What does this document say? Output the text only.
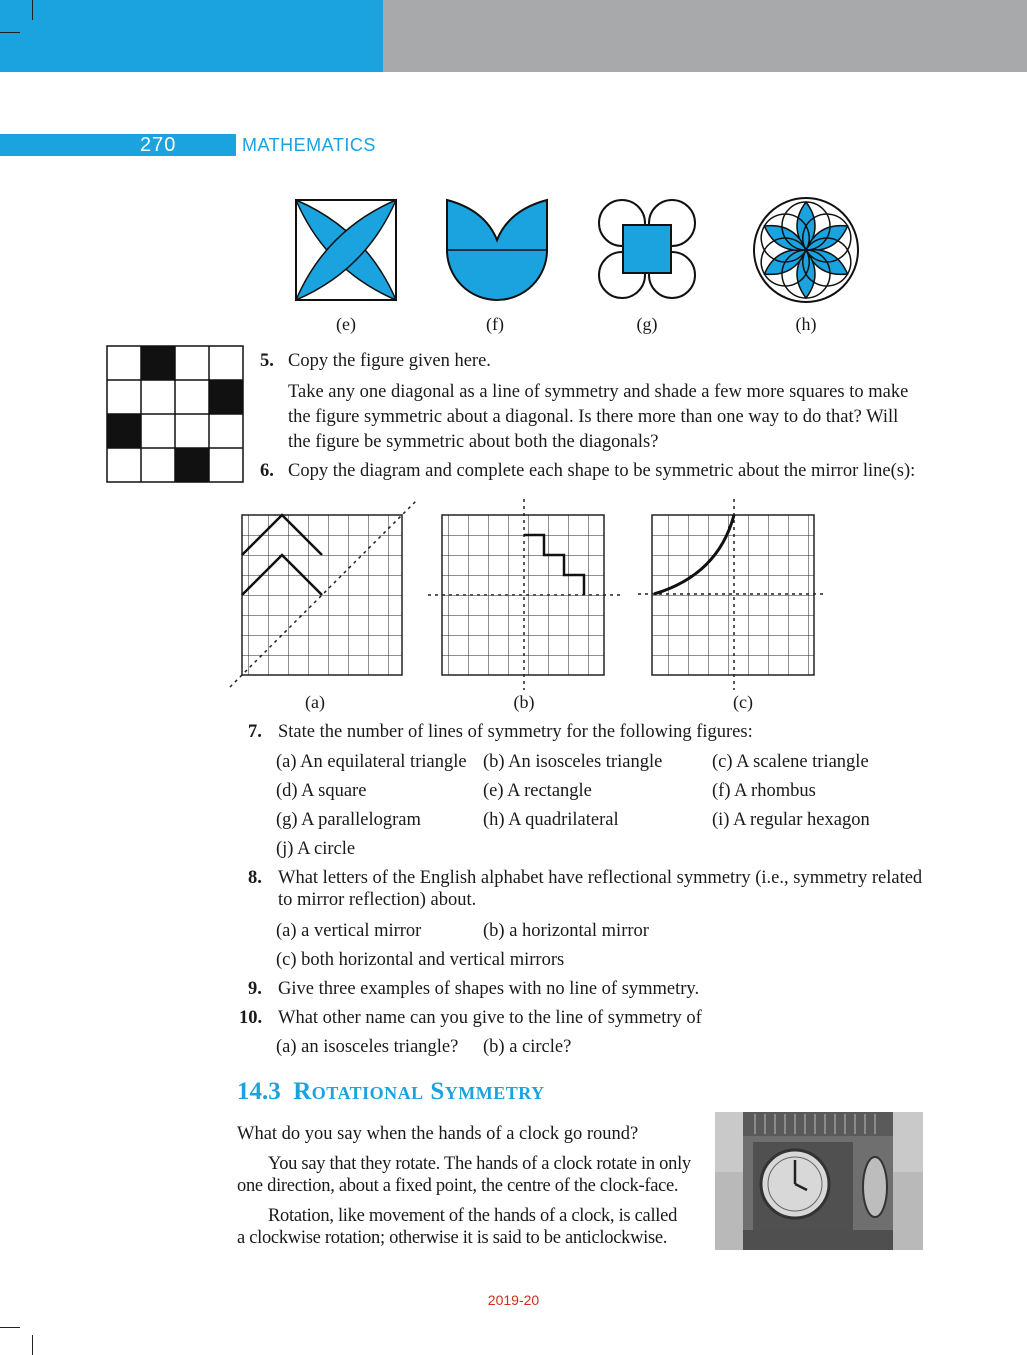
270	MATHEMATICS
(e)	(f)	(g)	(h)
5. Copy the figure given here.
Take any one diagonal as a line of symmetry and shade a few more squares to make
the figure symmetric about a diagonal. Is there more than one way to do that? Will
the figure be symmetric about both the diagonals?
6. Copy the diagram and complete each shape to be symmetric about the mirror line(s):
(a)	(b)	(c)
7. State the number of lines of symmetry for the following figures:
(a) An equilateral triangle (b) An isosceles triangle	(c) A scalene triangle
(d) A square	(e) A rectangle	(f) A rhombus
(g) A parallelogram	(h) A quadrilateral	(i) A regular hexagon
(j) A circle
8. What letters of the English alphabet have reflectional symmetry (i.e., symmetry related
to mirror reflection) about.
(a) a vertical mirror	(b) a horizontal mirror
(c) both horizontal and vertical mirrors
9. Give three examples of shapes with no line of symmetry.
10. What other name can you give to the line of symmetry of
(a) an isosceles triangle? (b) a circle?
14.3 Rotational Symmetry
What do you say when the hands of a clock go round?
You say that they rotate. The hands of a clock rotate in only
one direction, about a fixed point, the centre of the clock-face.
Rotation, like movement of the hands of a clock, is called
a clockwise rotation; otherwise it is said to be anticlockwise.
2019-20
